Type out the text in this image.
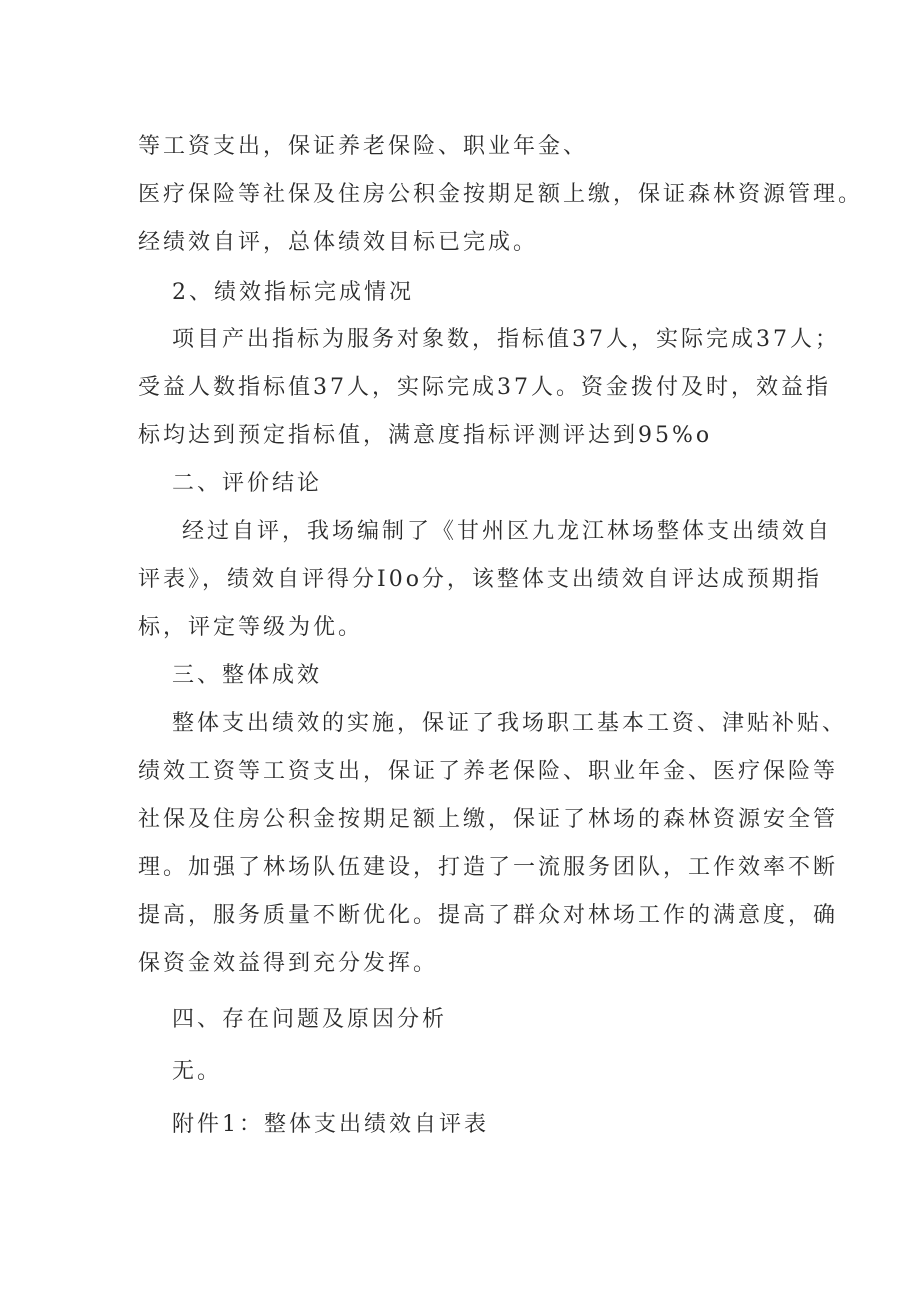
等工资支出，保证养老保险、职业年金、
医疗保险等社保及住房公积金按期足额上缴，保证森林资源管理。
经绩效自评，总体绩效目标已完成。
2、绩效指标完成情况
项目产出指标为服务对象数，指标值37人，实际完成37人；
受益人数指标值37人，实际完成37人。资金拨付及时，效益指
标均达到预定指标值，满意度指标评测评达到95%o
二、评价结论
经过自评，我场编制了《甘州区九龙江林场整体支出绩效自
评表》，绩效自评得分I0o分，该整体支出绩效自评达成预期指
标，评定等级为优。
三、整体成效
整体支出绩效的实施，保证了我场职工基本工资、津贴补贴、
绩效工资等工资支出，保证了养老保险、职业年金、医疗保险等
社保及住房公积金按期足额上缴，保证了林场的森林资源安全管
理。加强了林场队伍建设，打造了一流服务团队，工作效率不断
提高，服务质量不断优化。提高了群众对林场工作的满意度，确
保资金效益得到充分发挥。
四、存在问题及原因分析
无。
附件1：整体支出绩效自评表
